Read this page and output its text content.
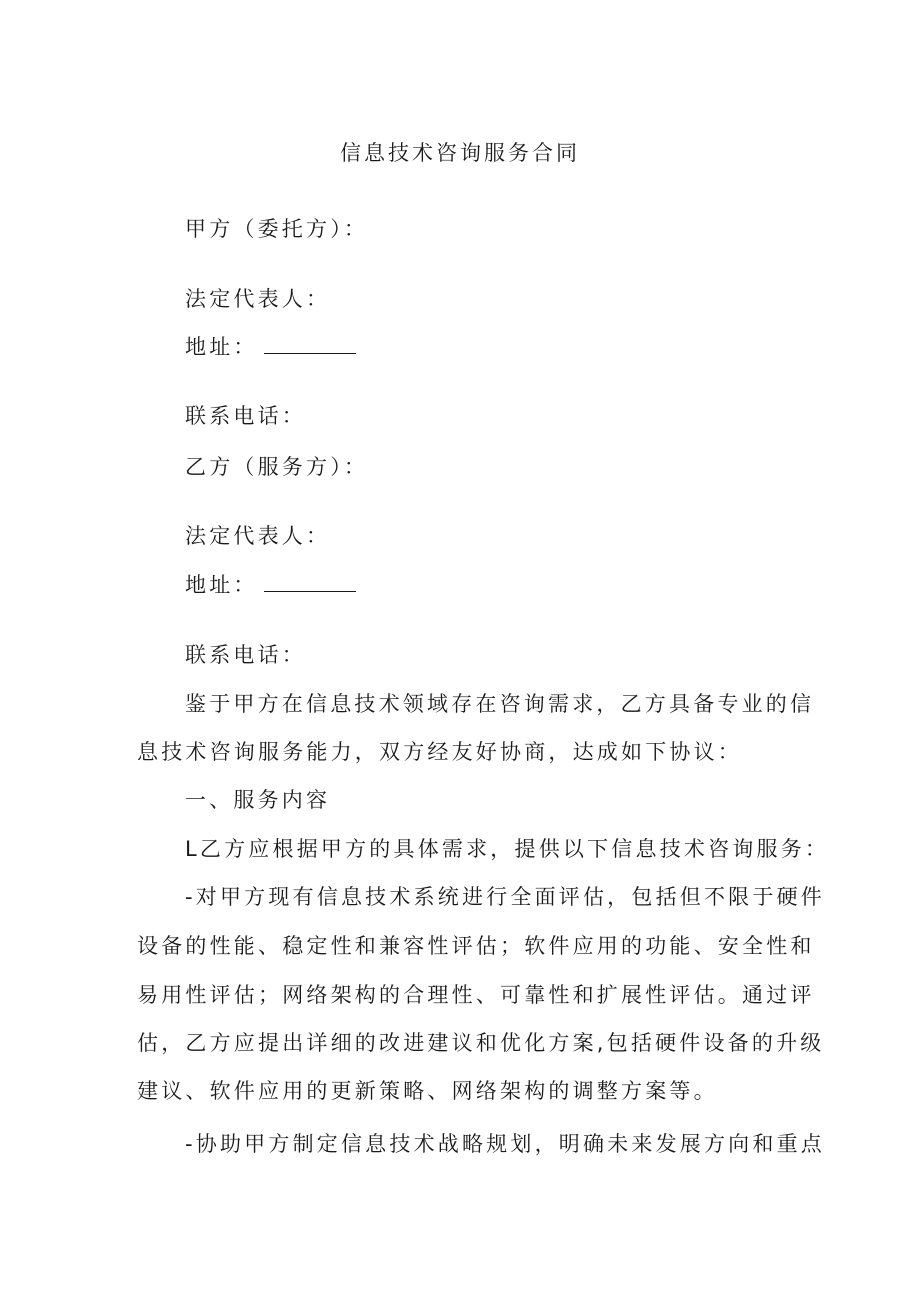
信息技术咨询服务合同
甲方（委托方）：
法定代表人：
地址：
联系电话：
乙方（服务方）：
法定代表人：
地址：
联系电话：
鉴于甲方在信息技术领域存在咨询需求，乙方具备专业的信
息技术咨询服务能力，双方经友好协商，达成如下协议：
一、服务内容
L乙方应根据甲方的具体需求，提供以下信息技术咨询服务：
-对甲方现有信息技术系统进行全面评估，包括但不限于硬件
设备的性能、稳定性和兼容性评估；软件应用的功能、安全性和
易用性评估；网络架构的合理性、可靠性和扩展性评估。通过评
估，乙方应提出详细的改进建议和优化方案,包括硬件设备的升级
建议、软件应用的更新策略、网络架构的调整方案等。
-协助甲方制定信息技术战略规划，明确未来发展方向和重点
